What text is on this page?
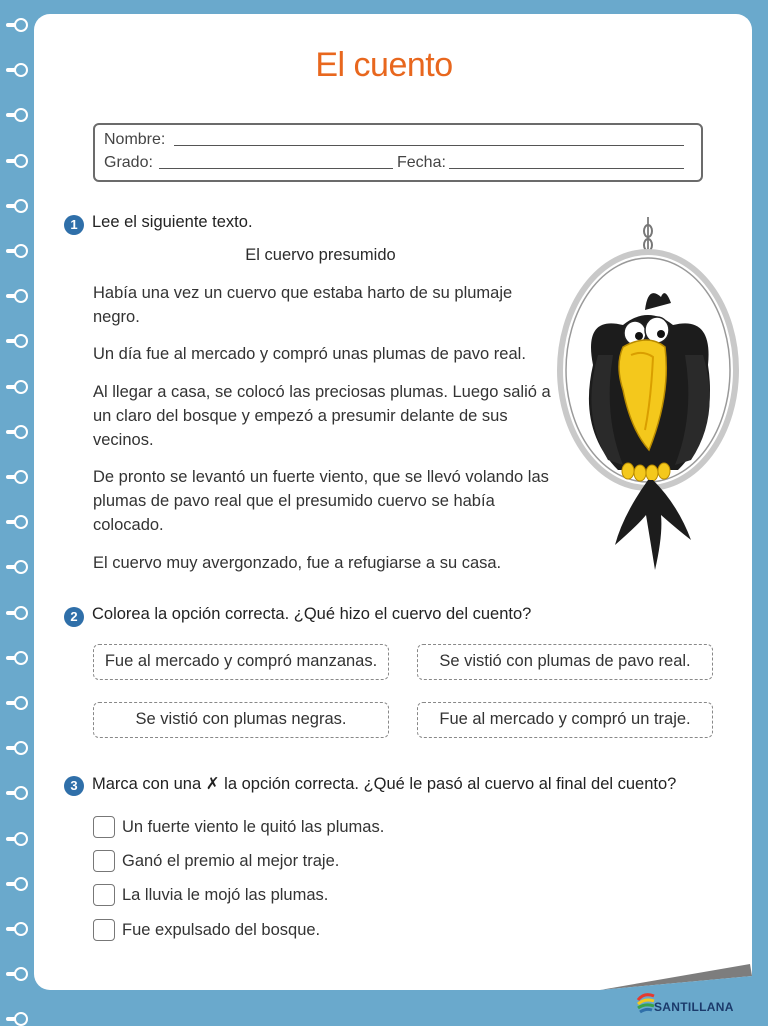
El cuento
Nombre:
Grado:	Fecha:
1 Lee el siguiente texto.
El cuervo presumido
Había una vez un cuervo que estaba harto de su plumaje negro.
Un día fue al mercado y compró unas plumas de pavo real.
Al llegar a casa, se colocó las preciosas plumas. Luego salió a un claro del bosque y empezó a presumir delante de sus vecinos.
De pronto se levantó un fuerte viento, que se llevó volando las plumas de pavo real que el presumido cuervo se había colocado.
El cuervo muy avergonzado, fue a refugiarse a su casa.
2 Colorea la opción correcta. ¿Qué hizo el cuervo del cuento?
Fue al mercado y compró manzanas.	Se vistió con plumas de pavo real.
Se vistió con plumas negras.	Fue al mercado y compró un traje.
3 Marca con una ✗ la opción correcta. ¿Qué le pasó al cuervo al final del cuento?
Un fuerte viento le quitó las plumas.
Ganó el premio al mejor traje.
La lluvia le mojó las plumas.
Fue expulsado del bosque.
SANTILLANA
